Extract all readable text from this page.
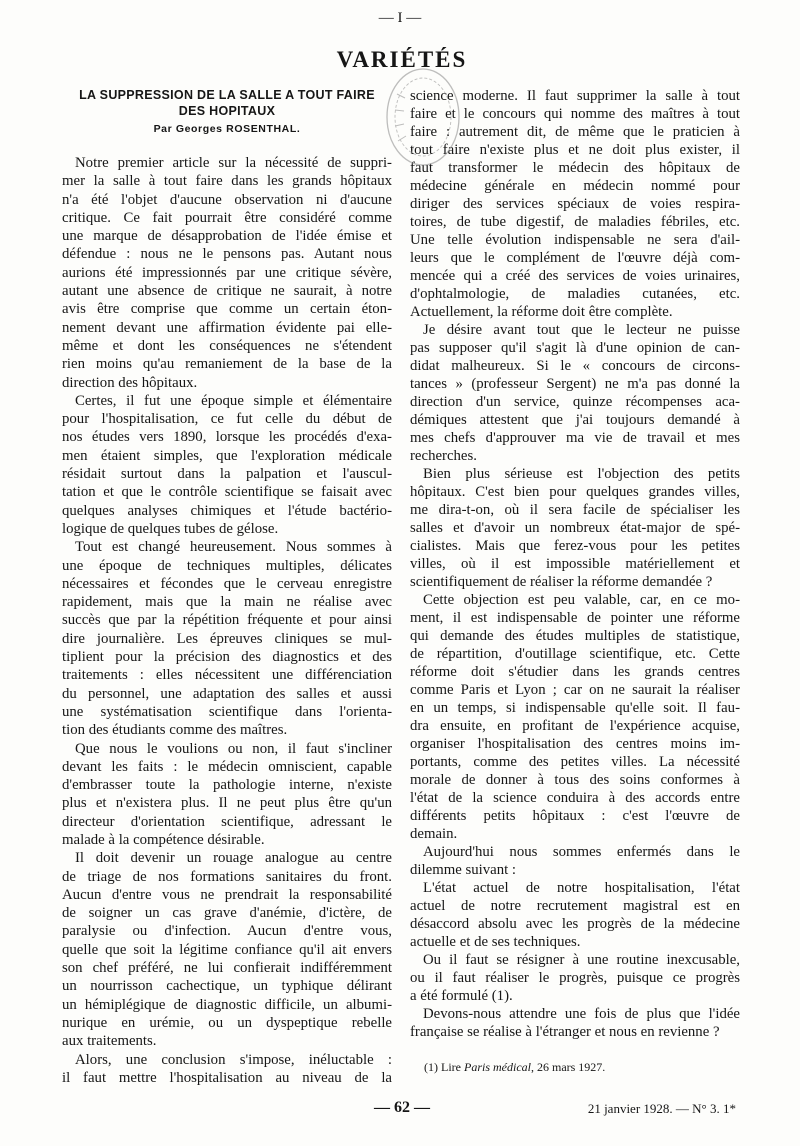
— I —
VARIÉTÉS
LA SUPPRESSION DE LA SALLE A TOUT FAIRE
DES HOPITAUX
Par Georges ROSENTHAL.
Notre premier article sur la nécessité de suppri-
mer la salle à tout faire dans les grands hôpitaux
n'a été l'objet d'aucune observation ni d'aucune
critique. Ce fait pourrait être considéré comme
une marque de désapprobation de l'idée émise et
défendue : nous ne le pensons pas. Autant nous
aurions été impressionnés par une critique sévère,
autant une absence de critique ne saurait, à notre
avis être comprise que comme un certain éton-
nement devant une affirmation évidente pai elle-
même et dont les conséquences ne s'étendent
rien moins qu'au remaniement de la base de la
direction des hôpitaux.
Certes, il fut une époque simple et élémentaire
pour l'hospitalisation, ce fut celle du début de
nos études vers 1890, lorsque les procédés d'exa-
men étaient simples, que l'exploration médicale
résidait surtout dans la palpation et l'auscul-
tation et que le contrôle scientifique se faisait avec
quelques analyses chimiques et l'étude bactério-
logique de quelques tubes de gélose.
Tout est changé heureusement. Nous sommes à
une époque de techniques multiples, délicates
nécessaires et fécondes que le cerveau enregistre
rapidement, mais que la main ne réalise avec
succès que par la répétition fréquente et pour ainsi
dire journalière. Les épreuves cliniques se mul-
tiplient pour la précision des diagnostics et des
traitements : elles nécessitent une différenciation
du personnel, une adaptation des salles et aussi
une systématisation scientifique dans l'orienta-
tion des étudiants comme des maîtres.
Que nous le voulions ou non, il faut s'incliner
devant les faits : le médecin omniscient, capable
d'embrasser toute la pathologie interne, n'existe
plus et n'existera plus. Il ne peut plus être qu'un
directeur d'orientation scientifique, adressant le
malade à la compétence désirable.
Il doit devenir un rouage analogue au centre
de triage de nos formations sanitaires du front.
Aucun d'entre vous ne prendrait la responsabilité
de soigner un cas grave d'anémie, d'ictère, de
paralysie ou d'infection. Aucun d'entre vous,
quelle que soit la légitime confiance qu'il ait envers
son chef préféré, ne lui confierait indifféremment
un nourrisson cachectique, un typhique délirant
un hémiplégique de diagnostic difficile, un albumi-
nurique en urémie, ou un dyspeptique rebelle
aux traitements.
Alors, une conclusion s'impose, inéluctable :
il faut mettre l'hospitalisation au niveau de la
science moderne. Il faut supprimer la salle à tout
faire et le concours qui nomme des maîtres à tout
faire : autrement dit, de même que le praticien à
tout faire n'existe plus et ne doit plus exister, il
faut transformer le médecin des hôpitaux de
médecine générale en médecin nommé pour
diriger des services spéciaux de voies respira-
toires, de tube digestif, de maladies fébriles, etc.
Une telle évolution indispensable ne sera d'ail-
leurs que le complément de l'œuvre déjà com-
mencée qui a créé des services de voies urinaires,
d'ophtalmologie, de maladies cutanées, etc.
Actuellement, la réforme doit être complète.
Je désire avant tout que le lecteur ne puisse
pas supposer qu'il s'agit là d'une opinion de can-
didat malheureux. Si le « concours de circons-
tances » (professeur Sergent) ne m'a pas donné la
direction d'un service, quinze récompenses aca-
démiques attestent que j'ai toujours demandé à
mes chefs d'approuver ma vie de travail et mes
recherches.
Bien plus sérieuse est l'objection des petits
hôpitaux. C'est bien pour quelques grandes villes,
me dira-t-on, où il sera facile de spécialiser les
salles et d'avoir un nombreux état-major de spé-
cialistes. Mais que ferez-vous pour les petites
villes, où il est impossible matériellement et
scientifiquement de réaliser la réforme demandée ?
Cette objection est peu valable, car, en ce mo-
ment, il est indispensable de pointer une réforme
qui demande des études multiples de statistique,
de répartition, d'outillage scientifique, etc. Cette
réforme doit s'étudier dans les grands centres
comme Paris et Lyon ; car on ne saurait la réaliser
en un temps, si indispensable qu'elle soit. Il fau-
dra ensuite, en profitant de l'expérience acquise,
organiser l'hospitalisation des centres moins im-
portants, comme des petites villes. La nécessité
morale de donner à tous des soins conformes à
l'état de la science conduira à des accords entre
différents petits hôpitaux : c'est l'œuvre de
demain.
Aujourd'hui nous sommes enfermés dans le
dilemme suivant :
L'état actuel de notre hospitalisation, l'état
actuel de notre recrutement magistral est en
désaccord absolu avec les progrès de la médecine
actuelle et de ses techniques.
Ou il faut se résigner à une routine inexcusable,
ou il faut réaliser le progrès, puisque ce progrès
a été formulé (1).
Devons-nous attendre une fois de plus que l'idée
française se réalise à l'étranger et nous en revienne ?
(1) Lire Paris médical, 26 mars 1927.
— 62 —	21 janvier 1928. — N° 3. 1*
